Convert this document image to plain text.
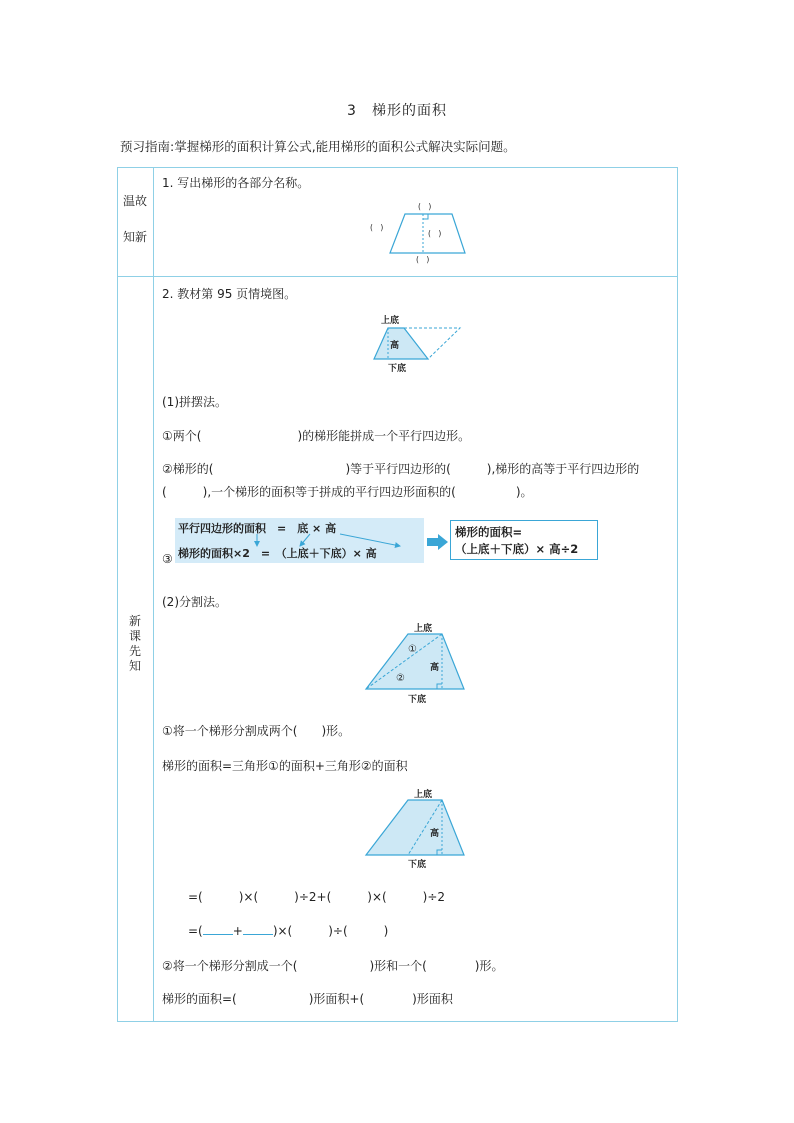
3　梯形的面积
预习指南:掌握梯形的面积计算公式,能用梯形的面积公式解决实际问题。
温故
知新
新
课
先
知
1. 写出梯形的各部分名称。
(　)
(　)
(　)
(　)
2. 教材第 95 页情境图。
上底
高
下底
(1)拼摆法。
①两个(　　　　　　　　)的梯形能拼成一个平行四边形。
②梯形的(　　　　　　　　　　　)等于平行四边形的(　　　),梯形的高等于平行四边形的
(　　　),一个梯形的面积等于拼成的平行四边形面积的(　　　　　)。
③
平行四边形的面积　=　底 × 高
梯形的面积×2　=　（上底＋下底）× 高
梯形的面积=
（上底＋下底）× 高÷2
(2)分割法。
上底
①
高
②
下底
①将一个梯形分割成两个(　　)形。
梯形的面积=三角形①的面积+三角形②的面积
上底
高
下底
=(　　　)×(　　　)÷2+(　　　)×(　　　)÷2
=(	+	)×(　　　)÷(　　　)
②将一个梯形分割成一个(　　　　　　)形和一个(　　　　)形。
梯形的面积=(　　　　　　)形面积+(　　　　)形面积
